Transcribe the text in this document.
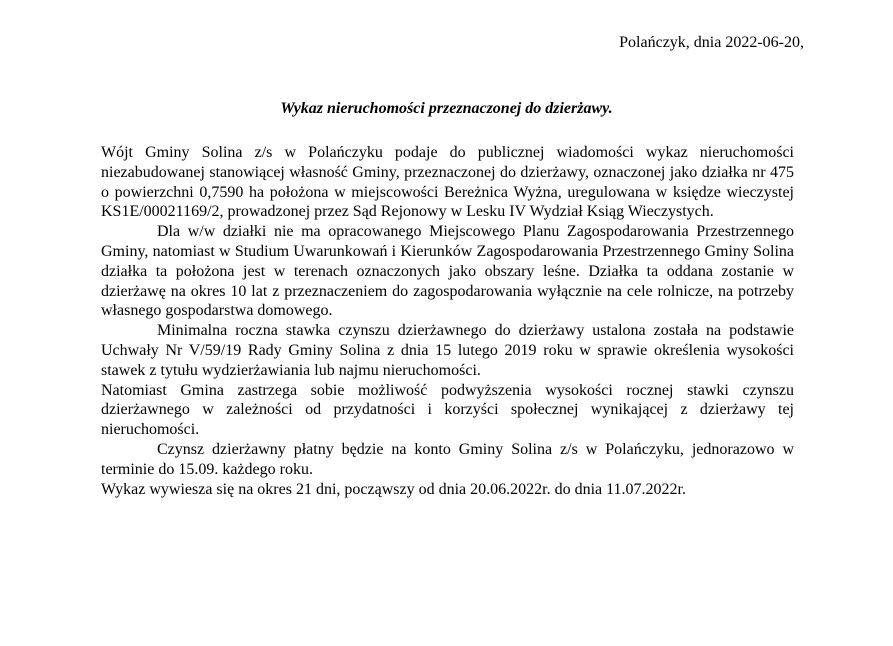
Polańczyk, dnia 2022-06-20,
Wykaz nieruchomości przeznaczonej do dzierżawy.

Wójt Gminy Solina z/s w Polańczyku podaje do publicznej wiadomości wykaz nieruchomości niezabudowanej stanowiącej własność Gminy, przeznaczonej do dzierżawy, oznaczonej jako działka nr 475 o powierzchni 0,7590 ha położona w miejscowości Bereżnica Wyżna, uregulowana w księdze wieczystej KS1E/00021169/2, prowadzonej przez Sąd Rejonowy w Lesku IV Wydział Ksiąg Wieczystych.

Dla w/w działki nie ma opracowanego Miejscowego Planu Zagospodarowania Przestrzennego Gminy, natomiast w Studium Uwarunkowań i Kierunków Zagospodarowania Przestrzennego Gminy Solina działka ta położona jest w terenach oznaczonych jako obszary leśne. Działka ta oddana zostanie w dzierżawę na okres 10 lat z przeznaczeniem do zagospodarowania wyłącznie na cele rolnicze, na potrzeby własnego gospodarstwa domowego.

Minimalna roczna stawka czynszu dzierżawnego do dzierżawy ustalona została na podstawie Uchwały Nr V/59/19 Rady Gminy Solina z dnia 15 lutego 2019 roku w sprawie określenia wysokości stawek z tytułu wydzierżawiania lub najmu nieruchomości.

Natomiast Gmina zastrzega sobie możliwość podwyższenia wysokości rocznej stawki czynszu dzierżawnego w zależności od przydatności i korzyści społecznej wynikającej z dzierżawy tej nieruchomości.

Czynsz dzierżawny płatny będzie na konto Gminy Solina z/s w Polańczyku, jednorazowo w terminie do 15.09. każdego roku.

Wykaz wywiesza się na okres 21 dni, począwszy od dnia 20.06.2022r. do dnia 11.07.2022r.
